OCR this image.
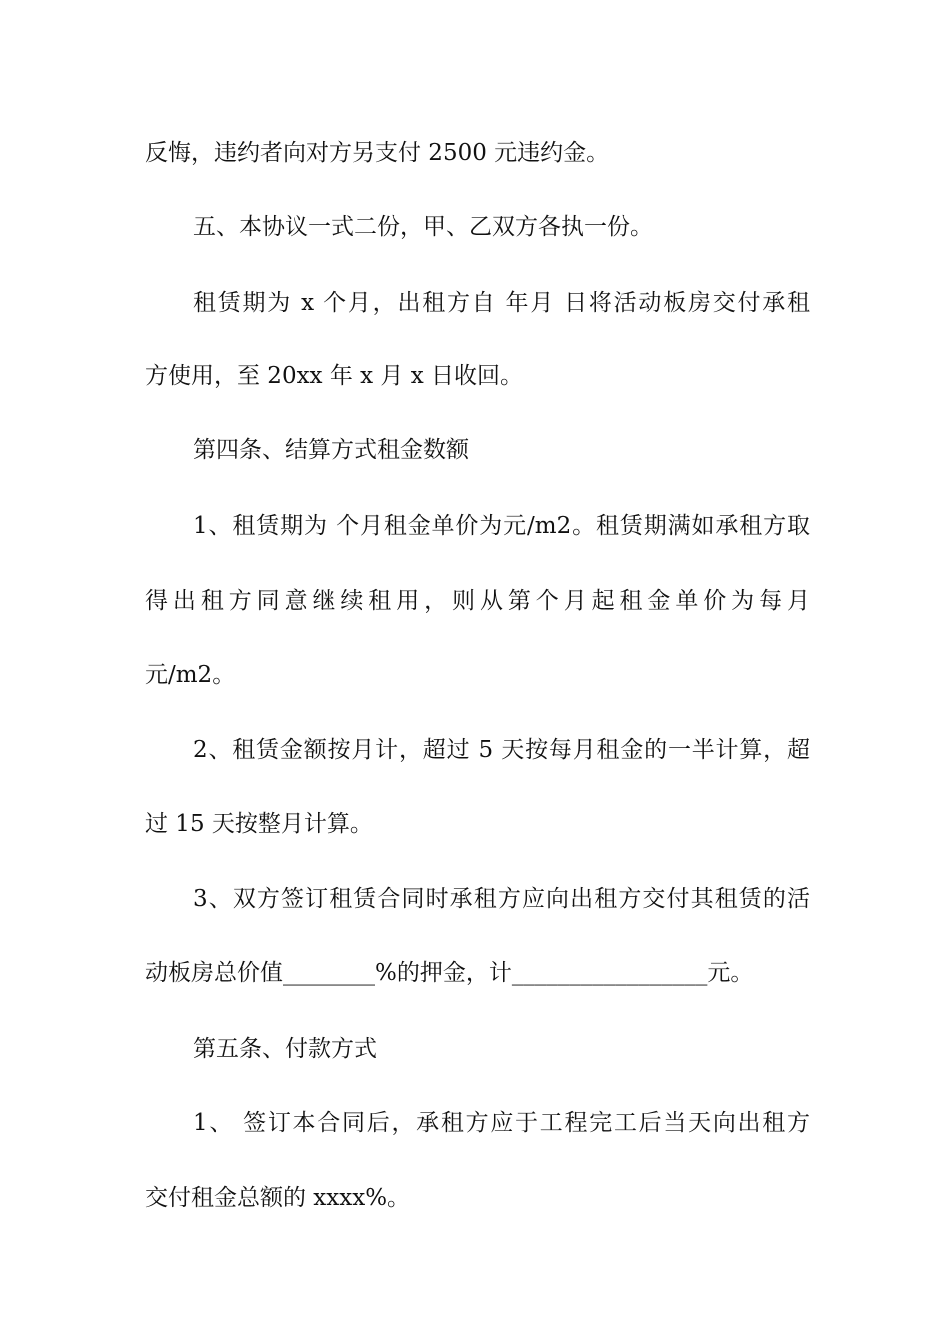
反悔，违约者向对方另支付 2500 元违约金。
五、本协议一式二份，甲、乙双方各执一份。
租赁期为 x 个月，出租方自 年月 日将活动板房交付承租
方使用，至 20xx 年 x 月 x 日收回。
第四条、结算方式租金数额
1、租赁期为 个月租金单价为元/m2。租赁期满如承租方取
得出租方同意继续租用，则从第个月起租金单价为每月
元/m2。
2、租赁金额按月计，超过 5 天按每月租金的一半计算，超
过 15 天按整月计算。
3、双方签订租赁合同时承租方应向出租方交付其租赁的活
动板房总价值________%的押金，计_________________元。
第五条、付款方式
1、 签订本合同后，承租方应于工程完工后当天向出租方
交付租金总额的 xxxx%。
